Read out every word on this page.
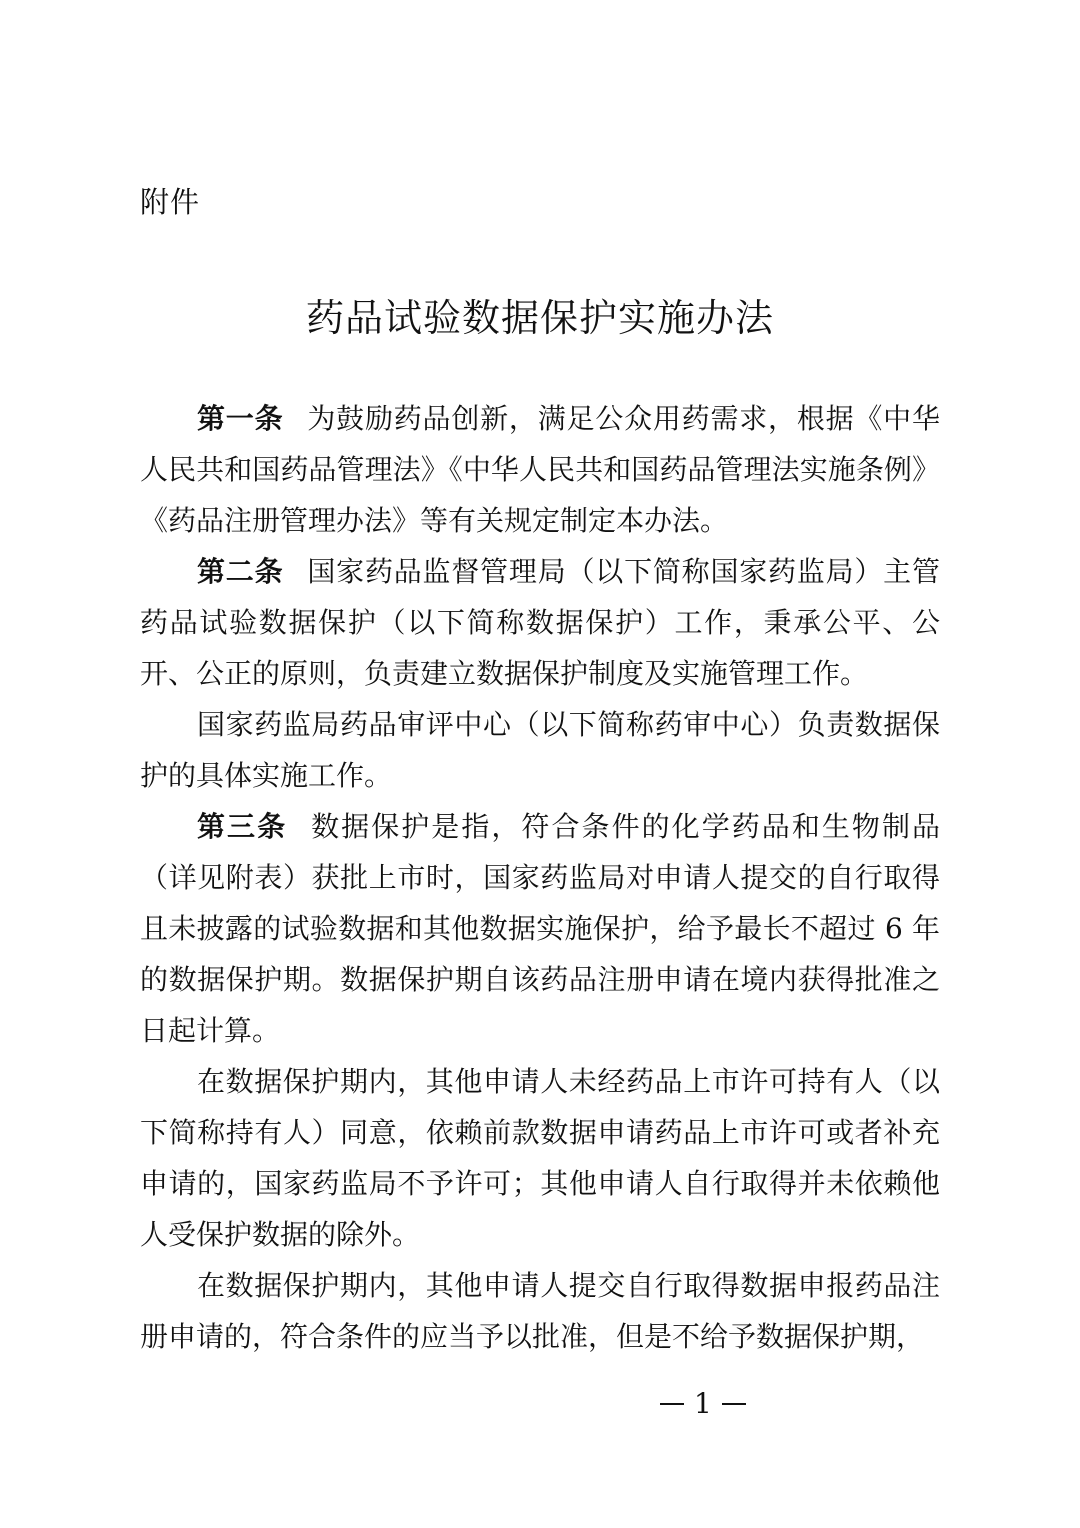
附件
药品试验数据保护实施办法

第一条 为鼓励药品创新，满足公众用药需求，根据《中华人民共和国药品管理法》《中华人民共和国药品管理法实施条例》《药品注册管理办法》等有关规定制定本办法。

第二条 国家药品监督管理局（以下简称国家药监局）主管药品试验数据保护（以下简称数据保护）工作，秉承公平、公开、公正的原则，负责建立数据保护制度及实施管理工作。

国家药监局药品审评中心（以下简称药审中心）负责数据保护的具体实施工作。

第三条 数据保护是指，符合条件的化学药品和生物制品（详见附表）获批上市时，国家药监局对申请人提交的自行取得且未披露的试验数据和其他数据实施保护，给予最长不超过 6 年的数据保护期。数据保护期自该药品注册申请在境内获得批准之日起计算。

在数据保护期内，其他申请人未经药品上市许可持有人（以下简称持有人）同意，依赖前款数据申请药品上市许可或者补充申请的，国家药监局不予许可；其他申请人自行取得并未依赖他人受保护数据的除外。

在数据保护期内，其他申请人提交自行取得数据申报药品注册申请的，符合条件的应当予以批准，但是不给予数据保护期，

1
